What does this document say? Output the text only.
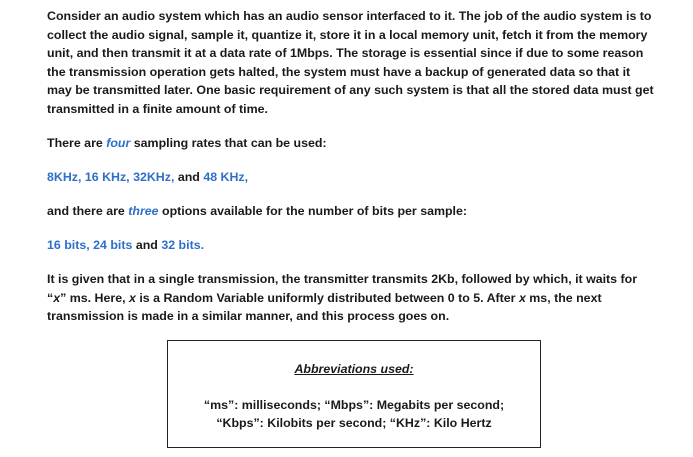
Consider an audio system which has an audio sensor interfaced to it. The job of the audio system is to collect the audio signal, sample it, quantize it, store it in a local memory unit, fetch it from the memory unit, and then transmit it at a data rate of 1Mbps. The storage is essential since if due to some reason the transmission operation gets halted, the system must have a backup of generated data so that it may be transmitted later. One basic requirement of any such system is that all the stored data must get transmitted in a finite amount of time.

There are four sampling rates that can be used:

8KHz, 16 KHz, 32KHz, and 48 KHz,

and there are three options available for the number of bits per sample:

16 bits, 24 bits and 32 bits.

It is given that in a single transmission, the transmitter transmits 2Kb, followed by which, it waits for “x” ms. Here, x is a Random Variable uniformly distributed between 0 to 5. After x ms, the next transmission is made in a similar manner, and this process goes on.

Abbreviations used:
“ms”: milliseconds; “Mbps”: Megabits per second;
“Kbps”: Kilobits per second; “KHz”: Kilo Hertz
